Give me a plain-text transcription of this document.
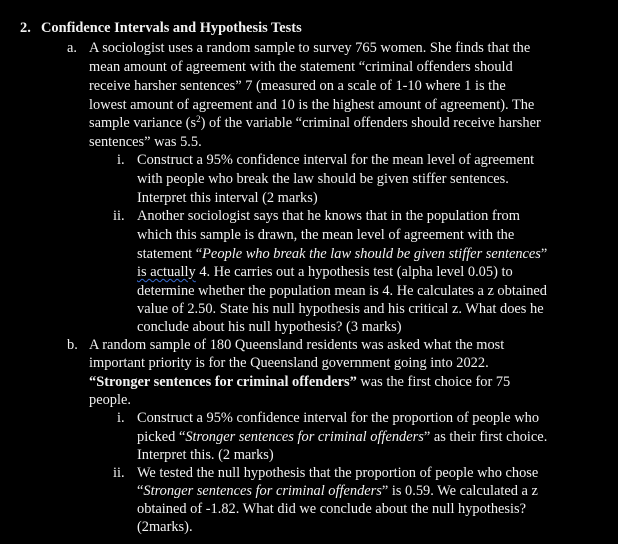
2. Confidence Intervals and Hypothesis Tests
a. A sociologist uses a random sample to survey 765 women. She finds that the
mean amount of agreement with the statement “criminal offenders should
receive harsher sentences” 7 (measured on a scale of 1-10 where 1 is the
lowest amount of agreement and 10 is the highest amount of agreement). The
sample variance $(s^2)$ of the variable “criminal offenders should receive harsher
sentences” was 5.5.
i. Construct a 95% confidence interval for the mean level of agreement
with people who break the law should be given stiffer sentences.
Interpret this interval (2 marks)
ii. Another sociologist says that he knows that in the population from
which this sample is drawn, the mean level of agreement with the
statement “People who break the law should be given stiffer sentences”
is actually 4. He carries out a hypothesis test (alpha level 0.05) to
determine whether the population mean is 4. He calculates a z obtained
value of 2.50. State his null hypothesis and his critical z. What does he
conclude about his null hypothesis? (3 marks)
b. A random sample of 180 Queensland residents was asked what the most
important priority is for the Queensland government going into 2022.
“Stronger sentences for criminal offenders” was the first choice for 75
people.
i. Construct a 95% confidence interval for the proportion of people who
picked “Stronger sentences for criminal offenders” as their first choice.
Interpret this. (2 marks)
ii. We tested the null hypothesis that the proportion of people who chose
“Stronger sentences for criminal offenders” is 0.59. We calculated a z
obtained of -1.82. What did we conclude about the null hypothesis?
(2marks).
